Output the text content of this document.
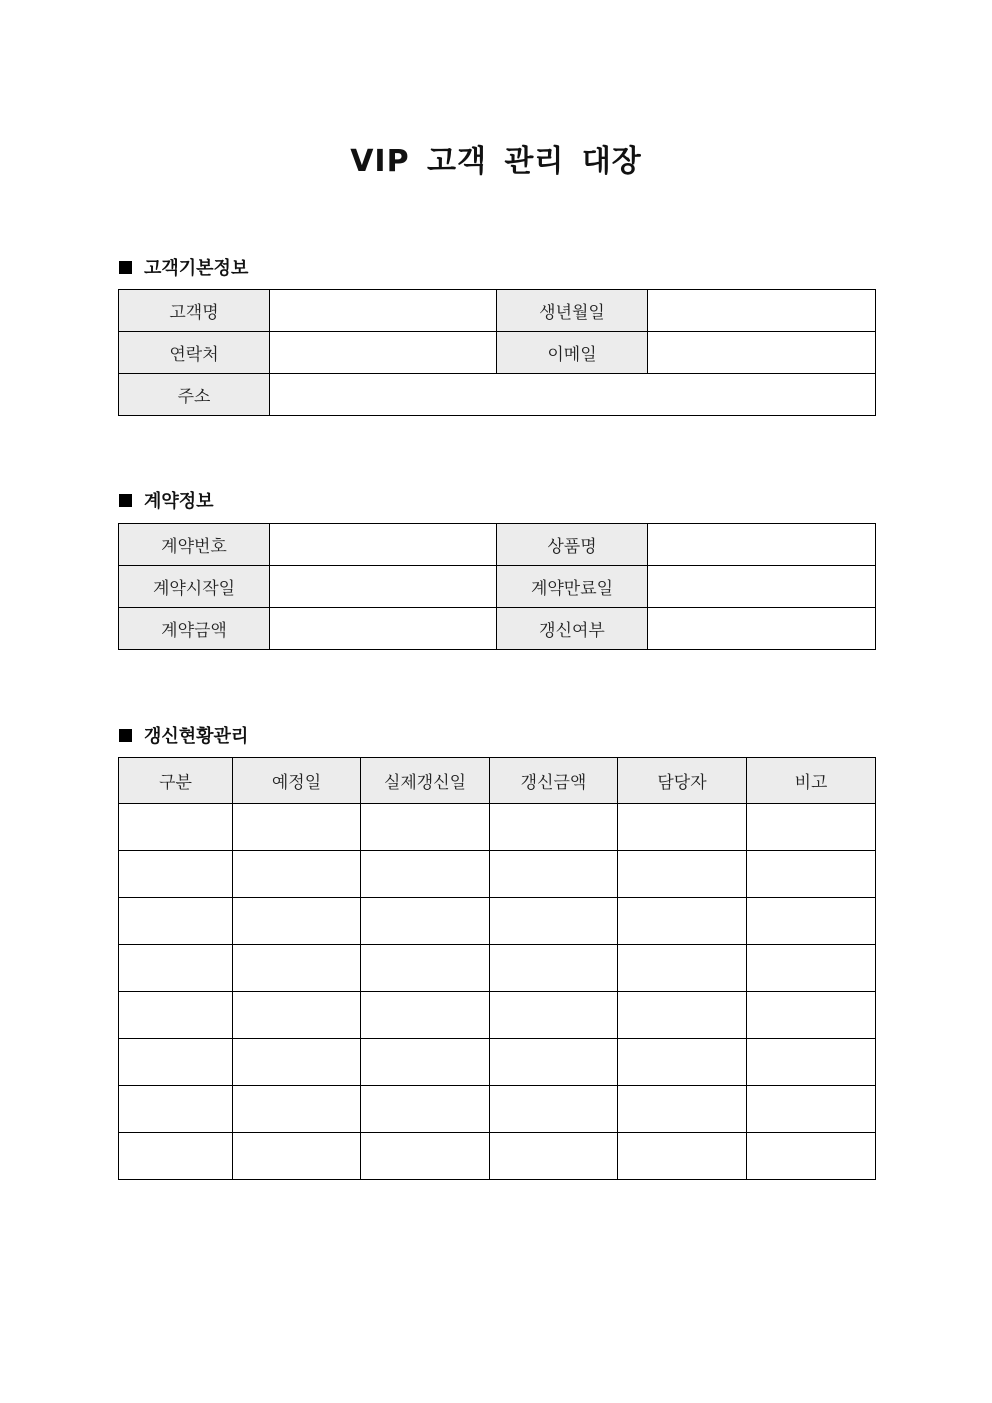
VIP 고객 관리 대장
고객기본정보
고객명		생년월일	
연락처		이메일	
주소			
계약정보
계약번호		상품명	
계약시작일		계약만료일	
계약금액		갱신여부	
갱신현황관리
구분	예정일	실제갱신일	갱신금액	담당자	비고
